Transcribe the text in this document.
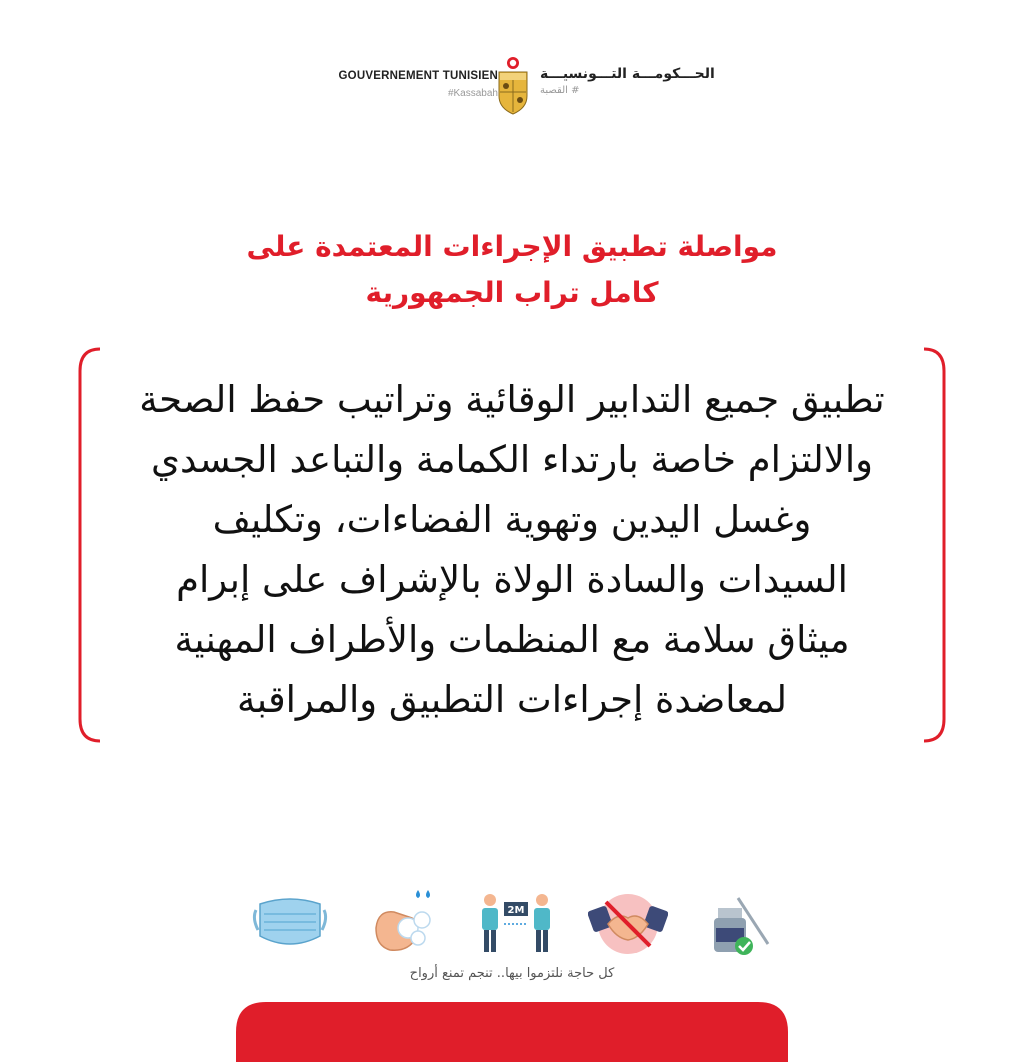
GOUVERNEMENT TUNISIEN
#Kassabah
الحـــكومـــة التـــونسيـــة
# القصبة
مواصلة تطبيق الإجراءات المعتمدة على
كامل تراب الجمهورية
تطبيق جميع التدابير الوقائية وتراتيب حفظ الصحة
والالتزام خاصة بارتداء الكمامة والتباعد الجسدي
وغسل اليدين وتهوية الفضاءات، وتكليف
السيدات والسادة الولاة بالإشراف على إبرام
ميثاق سلامة مع المنظمات والأطراف المهنية
لمعاضدة إجراءات التطبيق والمراقبة
2M
كل حاجة نلتزموا بيها.. تنجم تمنع أرواح
